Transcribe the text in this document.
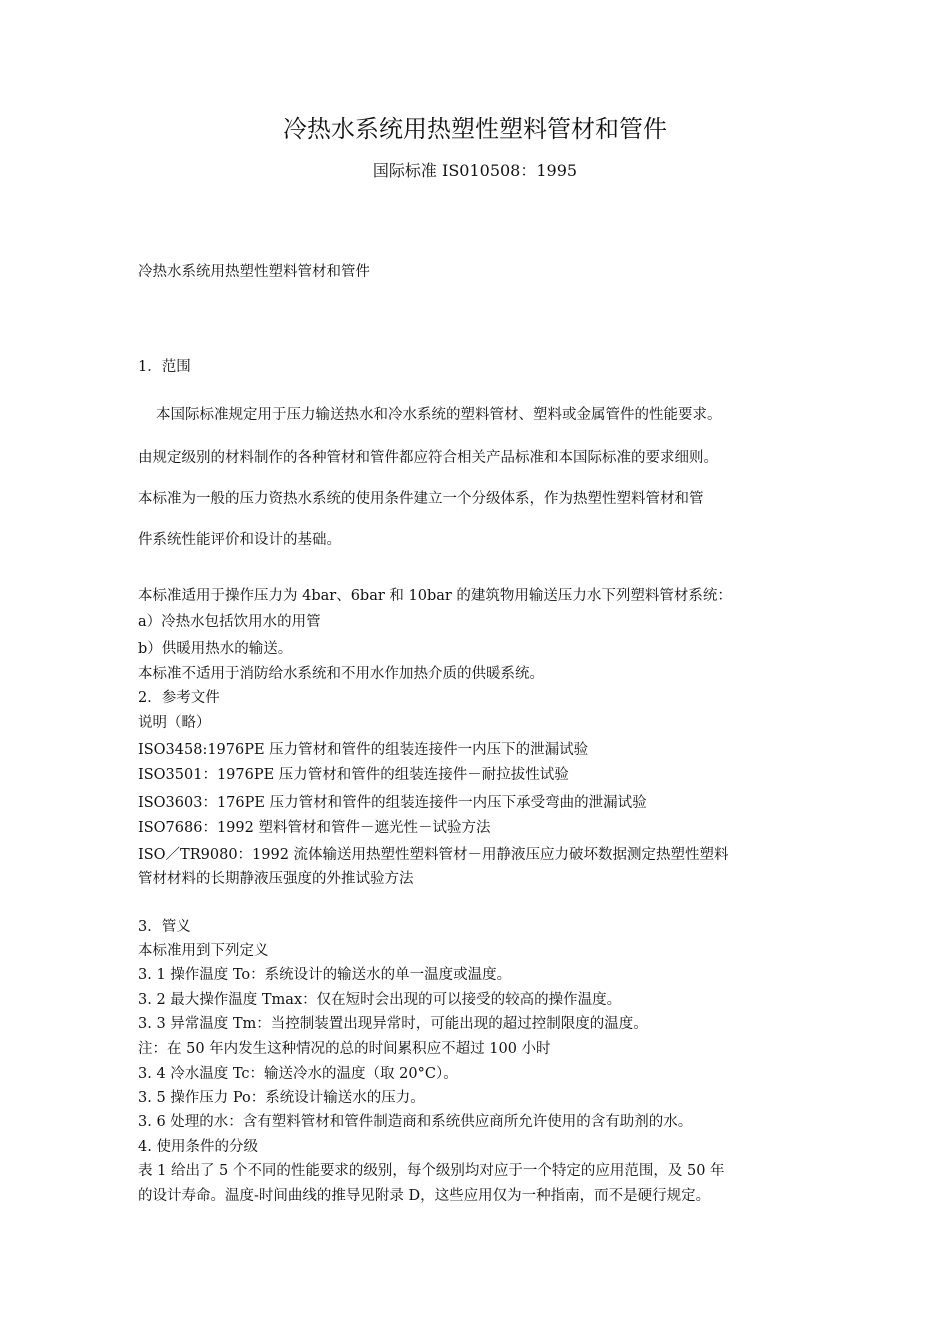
冷热水系统用热塑性塑料管材和管件
国际标准 IS010508：1995
冷热水系统用热塑性塑料管材和管件
1．范围
本国际标准规定用于压力输送热水和冷水系统的塑料管材、塑料或金属管件的性能要求。
由规定级别的材料制作的各种管材和管件都应符合相关产品标准和本国际标准的要求细则。
本标准为一般的压力资热水系统的使用条件建立一个分级体系，作为热塑性塑料管材和管
件系统性能评价和设计的基础。
本标准适用于操作压力为 4bar、6bar 和 10bar 的建筑物用输送压力水下列塑料管材系统：
a）冷热水包括饮用水的用管
b）供暖用热水的输送。
本标准不适用于消防给水系统和不用水作加热介质的供暖系统。
2．参考文件
说明（略）
ISO3458:1976PE 压力管材和管件的组装连接件一内压下的泄漏试验
ISO3501：1976PE 压力管材和管件的组装连接件－耐拉拔性试验
ISO3603：176PE 压力管材和管件的组装连接件一内压下承受弯曲的泄漏试验
ISO7686：1992 塑料管材和管件－遮光性－试验方法
ISO／TR9080：1992 流体输送用热塑性塑料管材－用静液压应力破坏数据测定热塑性塑料
管材材料的长期静液压强度的外推试验方法
3．管义
本标准用到下列定义
3. 1 操作温度 To：系统设计的输送水的单一温度或温度。
3. 2 最大操作温度 Tmax：仅在短时会出现的可以接受的较高的操作温度。
3. 3 异常温度 Tm：当控制装置出现异常时，可能出现的超过控制限度的温度。
注：在 50 年内发生这种情况的总的时间累积应不超过 100 小时
3. 4 冷水温度 Tc：输送冷水的温度（取 20°C）。
3. 5 操作压力 Po：系统设计输送水的压力。
3. 6 处理的水：含有塑料管材和管件制造商和系统供应商所允许使用的含有助剂的水。
4. 使用条件的分级
表 1 给出了 5 个不同的性能要求的级别，每个级别均对应于一个特定的应用范围，及 50 年
的设计寿命。温度-时间曲线的推导见附录 D，这些应用仅为一种指南，而不是硬行规定。
